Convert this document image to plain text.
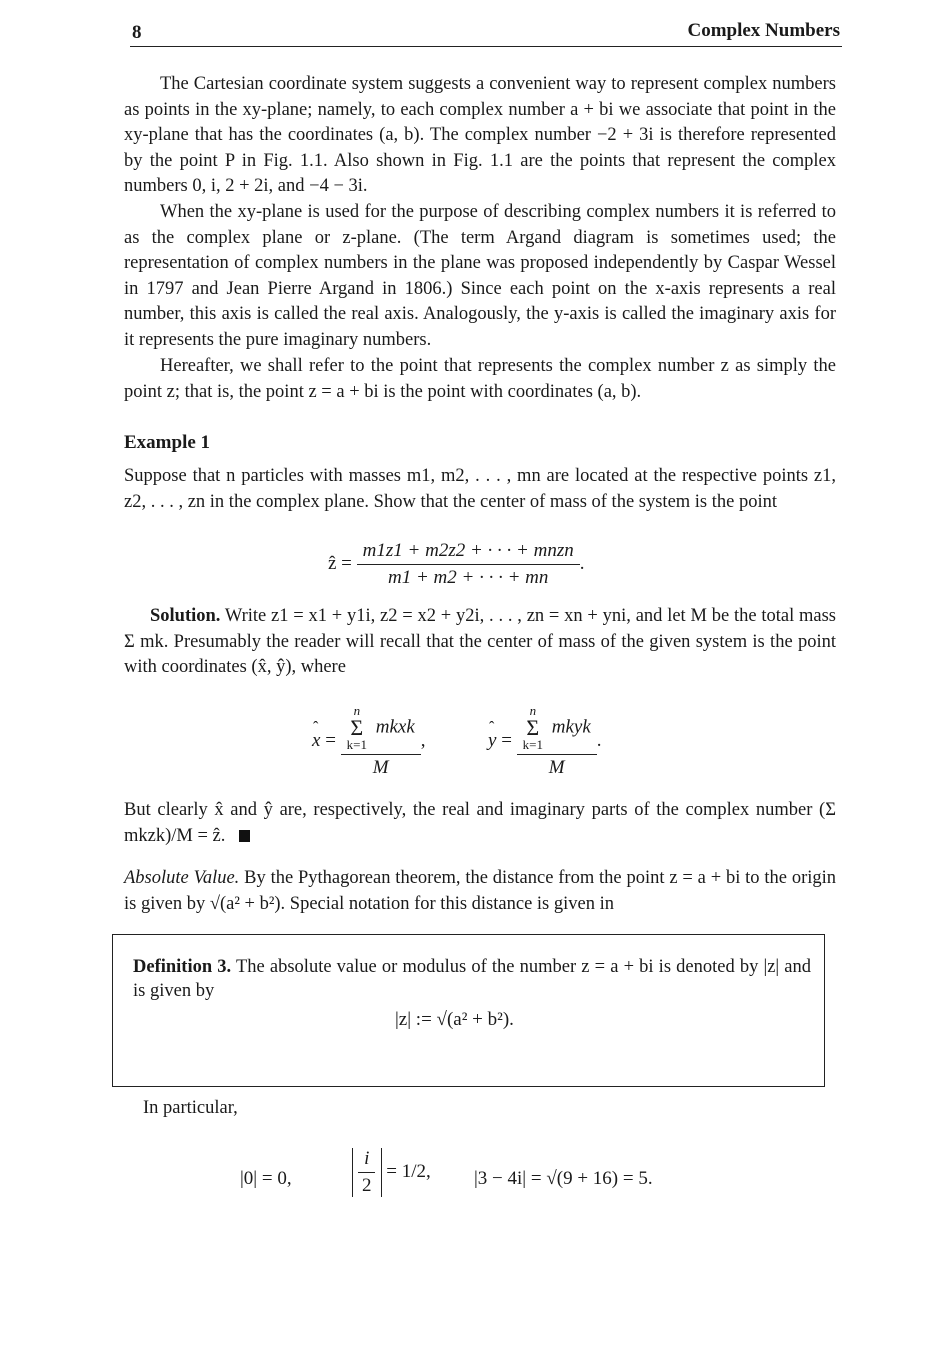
8	Complex Numbers

The Cartesian coordinate system suggests a convenient way to represent complex numbers as points in the xy-plane; namely, to each complex number a + bi we associate that point in the xy-plane that has the coordinates (a, b). The complex number −2 + 3i is therefore represented by the point P in Fig. 1.1. Also shown in Fig. 1.1 are the points that represent the complex numbers 0, i, 2 + 2i, and −4 − 3i.

When the xy-plane is used for the purpose of describing complex numbers it is referred to as the complex plane or z-plane. (The term Argand diagram is sometimes used; the representation of complex numbers in the plane was proposed independently by Caspar Wessel in 1797 and Jean Pierre Argand in 1806.) Since each point on the x-axis represents a real number, this axis is called the real axis. Analogously, the y-axis is called the imaginary axis for it represents the pure imaginary numbers.

Hereafter, we shall refer to the point that represents the complex number z as simply the point z; that is, the point z = a + bi is the point with coordinates (a, b).

Example 1

Suppose that n particles with masses m1, m2, . . . , mn are located at the respective points z1, z2, . . . , zn in the complex plane. Show that the center of mass of the system is the point

ẑ = $\frac{\text{m1z1 + m2z2 + · · · + mnzn}}{m1 + m2 + \cdot \cdot \cdot + mn}$ .

Solution. Write z1 = x1 + y1i, z2 = x2 + y2i, . . . , zn = xn + yni, and let M be the total mass Σ mk. Presumably the reader will recall that the center of mass of the given system is the point with coordinates (x̂, ŷ), where

ˆ x = n
Σ
k=1
mkxk
M ,
ˆ	y = n
Σ
k=1
mkyk
M .

But clearly x̂ and ŷ are, respectively, the real and imaginary parts of the complex number (Σ mkzk)/M = ẑ.

Absolute Value. By the Pythagorean theorem, the distance from the point z = a + bi to the origin is given by √(a² + b²). Special notation for this distance is given in

Definition 3. The absolute value or modulus of the number z = a + bi is denoted by |z| and is given by
|z| := √(a² + b²).
In particular,
|0| = 0,	$\frac{i}{2} = 1/2$, |3 − 4i| = √(9 + 16) = 5.
